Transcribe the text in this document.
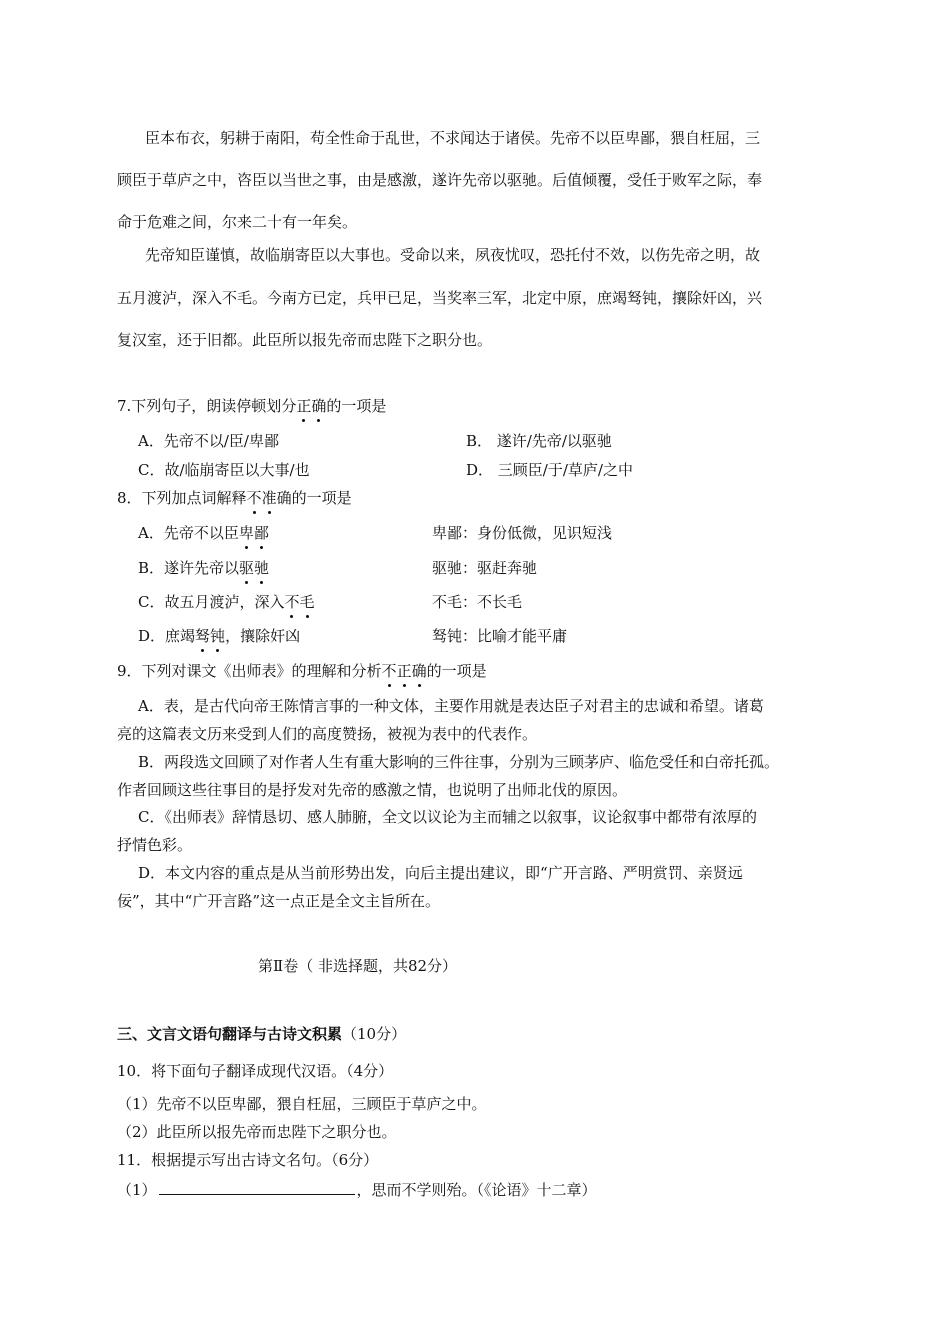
臣本布衣，躬耕于南阳，苟全性命于乱世，不求闻达于诸侯。先帝不以臣卑鄙，猥自枉屈，三
顾臣于草庐之中，咨臣以当世之事，由是感激，遂许先帝以驱驰。后值倾覆，受任于败军之际，奉
命于危难之间，尔来二十有一年矣。
先帝知臣谨慎，故临崩寄臣以大事也。受命以来，夙夜忧叹，恐托付不效，以伤先帝之明，故
五月渡泸，深入不毛。今南方已定，兵甲已足，当奖率三军，北定中原，庶竭驽钝，攘除奸凶，兴
复汉室，还于旧都。此臣所以报先帝而忠陛下之职分也。
7.下列句子，朗读停顿划分正确的一项是
A．先帝不以/臣/卑鄙	B． 遂许/先帝/以驱驰
C．故/临崩寄臣以大事/也	D． 三顾臣/于/草庐/之中
8．下列加点词解释不准确的一项是
A．先帝不以臣卑鄙	卑鄙：身份低微，见识短浅
B．遂许先帝以驱驰	驱驰：驱赶奔驰
C．故五月渡泸，深入不毛	不毛：不长毛
D．庶竭驽钝，攘除奸凶	驽钝：比喻才能平庸
9．下列对课文《出师表》的理解和分析不正确的一项是
A．表，是古代向帝王陈情言事的一种文体，主要作用就是表达臣子对君主的忠诚和希望。诸葛
亮的这篇表文历来受到人们的高度赞扬，被视为表中的代表作。
B．两段选文回顾了对作者人生有重大影响的三件往事，分别为三顾茅庐、临危受任和白帝托孤。
作者回顾这些往事目的是抒发对先帝的感激之情，也说明了出师北伐的原因。
C．《出师表》辞情恳切、感人肺腑，全文以议论为主而辅之以叙事，议论叙事中都带有浓厚的
抒情色彩。
D．本文内容的重点是从当前形势出发，向后主提出建议，即“广开言路、严明赏罚、亲贤远
佞”，其中“广开言路”这一点正是全文主旨所在。
第Ⅱ卷（ 非选择题，共82分）
三、文言文语句翻译与古诗文积累（10分）
10．将下面句子翻译成现代汉语。（4分）
（1）先帝不以臣卑鄙，猥自枉屈，三顾臣于草庐之中。
（2）此臣所以报先帝而忠陛下之职分也。
11．根据提示写出古诗文名句。（6分）
（1）	，思而不学则殆。（《论语》十二章）
